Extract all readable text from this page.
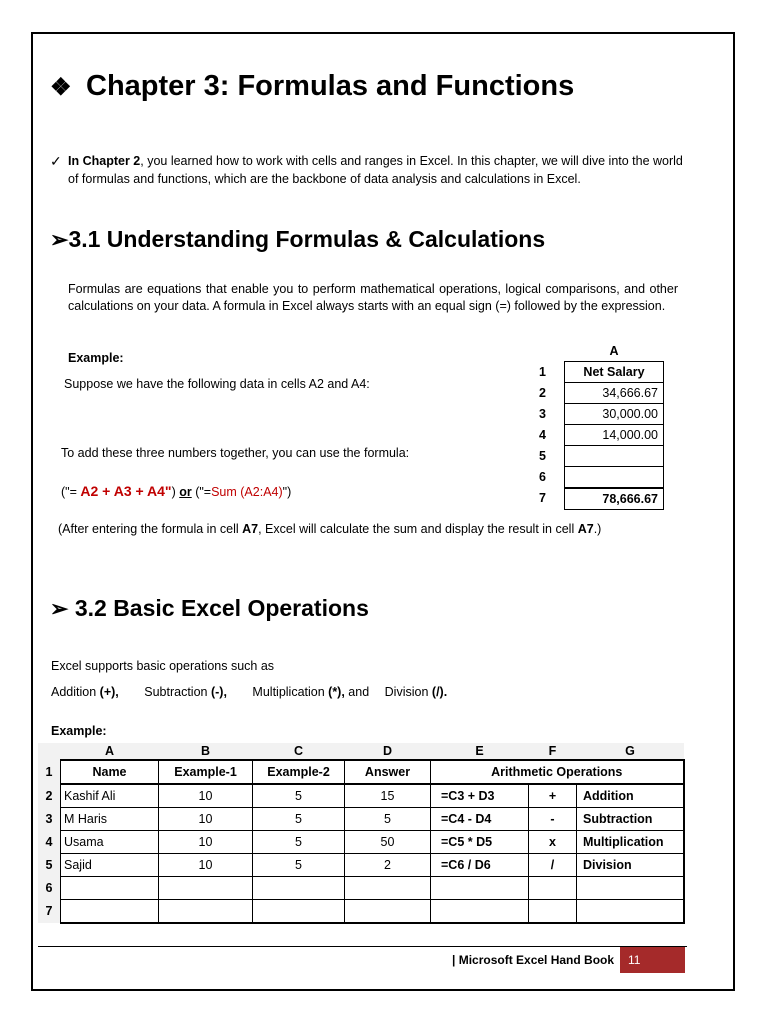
❖ Chapter 3: Formulas and Functions
✓ In Chapter 2, you learned how to work with cells and ranges in Excel. In this chapter, we will dive into the world of formulas and functions, which are the backbone of data analysis and calculations in Excel.
➢3.1 Understanding Formulas & Calculations
Formulas are equations that enable you to perform mathematical operations, logical comparisons, and other calculations on your data. A formula in Excel always starts with an equal sign (=) followed by the expression.
Example:
Suppose we have the following data in cells A2 and A4:
To add these three numbers together, you can use the formula:
("= A2 + A3 + A4") or ("=Sum (A2:A4)")
(After entering the formula in cell A7, Excel will calculate the sum and display the result in cell A7.)
	A
1	Net Salary
2	34,666.67
3	30,000.00
4	14,000.00
5	
6	
7	78,666.67
➢ 3.2 Basic Excel Operations
Excel supports basic operations such as
Addition (+), Subtraction (-), Multiplication (*), and Division (/).
Example:
	A	B	C	D	E	F	G
1	Name	Example-1	Example-2	Answer	Arithmetic Operations		
2	Kashif Ali	10	5	15	=C3 + D3	+	Addition
3	M Haris	10	5	5	=C4 - D4	-	Subtraction
4	Usama	10	5	50	=C5 * D5	x	Multiplication
5	Sajid	10	5	2	=C6 / D6	/	Division
6							
7							
| Microsoft Excel Hand Book	11
